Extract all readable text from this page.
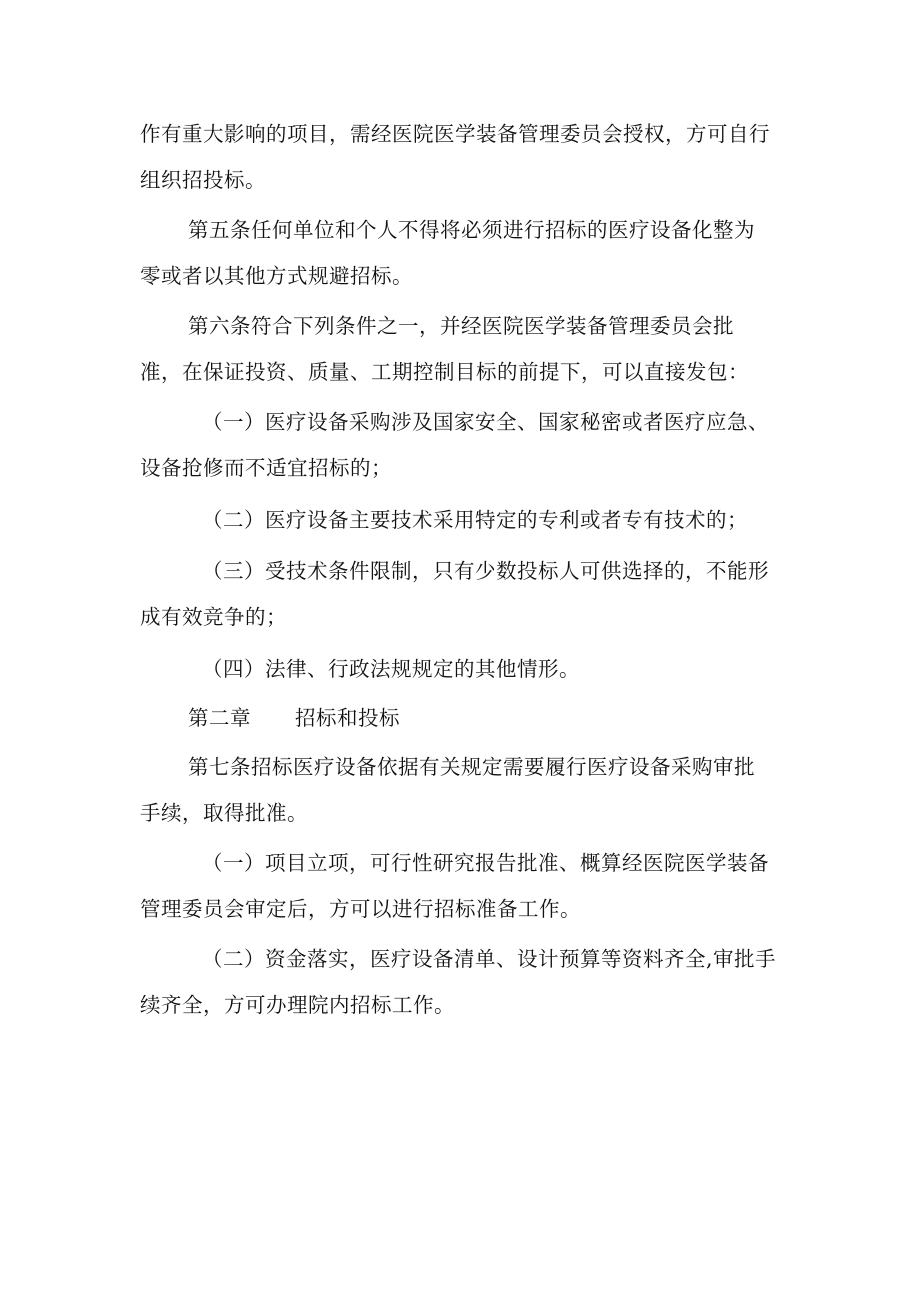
作有重大影响的项目，需经医院医学装备管理委员会授权，方可自行
组织招投标。

第五条任何单位和个人不得将必须进行招标的医疗设备化整为
零或者以其他方式规避招标。

第六条符合下列条件之一，并经医院医学装备管理委员会批
准，在保证投资、质量、工期控制目标的前提下，可以直接发包：

（一）医疗设备采购涉及国家安全、国家秘密或者医疗应急、
设备抢修而不适宜招标的；

（二）医疗设备主要技术采用特定的专利或者专有技术的；

（三）受技术条件限制，只有少数投标人可供选择的，不能形
成有效竞争的；

（四）法律、行政法规规定的其他情形。

第二章 招标和投标

第七条招标医疗设备依据有关规定需要履行医疗设备采购审批
手续，取得批准。

（一）项目立项，可行性研究报告批准、概算经医院医学装备
管理委员会审定后，方可以进行招标准备工作。

（二）资金落实，医疗设备清单、设计预算等资料齐全,审批手
续齐全，方可办理院内招标工作。
